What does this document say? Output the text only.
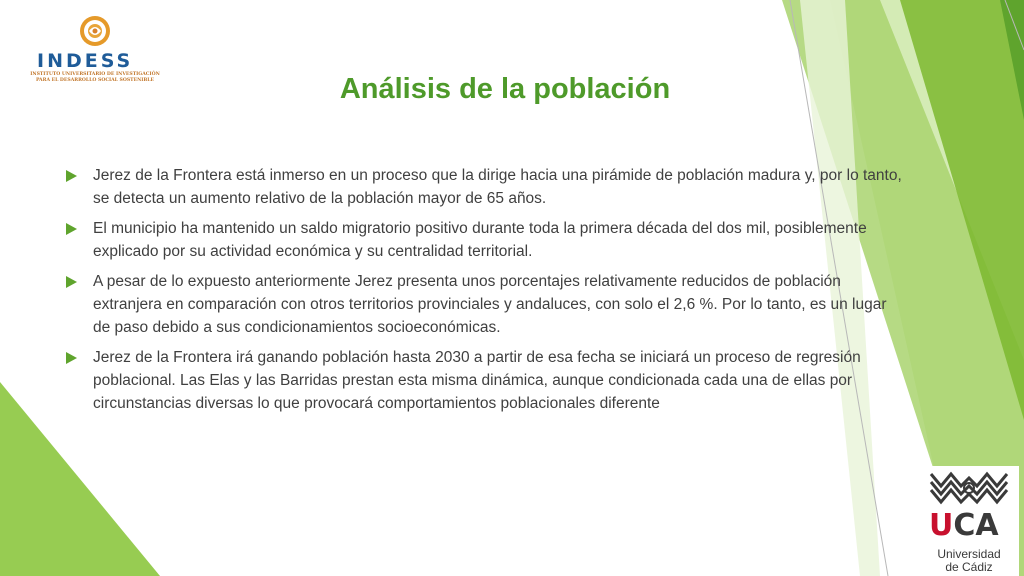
INDESS
INSTITUTO UNIVERSITARIO DE INVESTIGACIÓN
PARA EL DESARROLLO SOCIAL SOSTENIBLE	Análisis de la población
Jerez de la Frontera está inmerso en un proceso que la dirige hacia una pirámide de población madura y, por lo tanto, se detecta un aumento relativo de la población mayor de 65 años.
El municipio ha mantenido un saldo migratorio positivo durante toda la primera década del dos mil, posiblemente explicado por su actividad económica y su centralidad territorial.
A pesar de lo expuesto anteriormente Jerez presenta unos porcentajes relativamente reducidos de población extranjera en comparación con otros territorios provinciales y andaluces, con solo el 2,6 %. Por lo tanto, es un lugar de paso debido a sus condicionamientos socioeconómicas.
Jerez de la Frontera irá ganando población hasta 2030 a partir de esa fecha se iniciará un proceso de regresión poblacional. Las Elas y las Barridas prestan esta misma dinámica, aunque condicionada cada una de ellas por circunstancias diversas lo que provocará comportamientos poblacionales diferente
UCA
Universidad
de Cádiz
